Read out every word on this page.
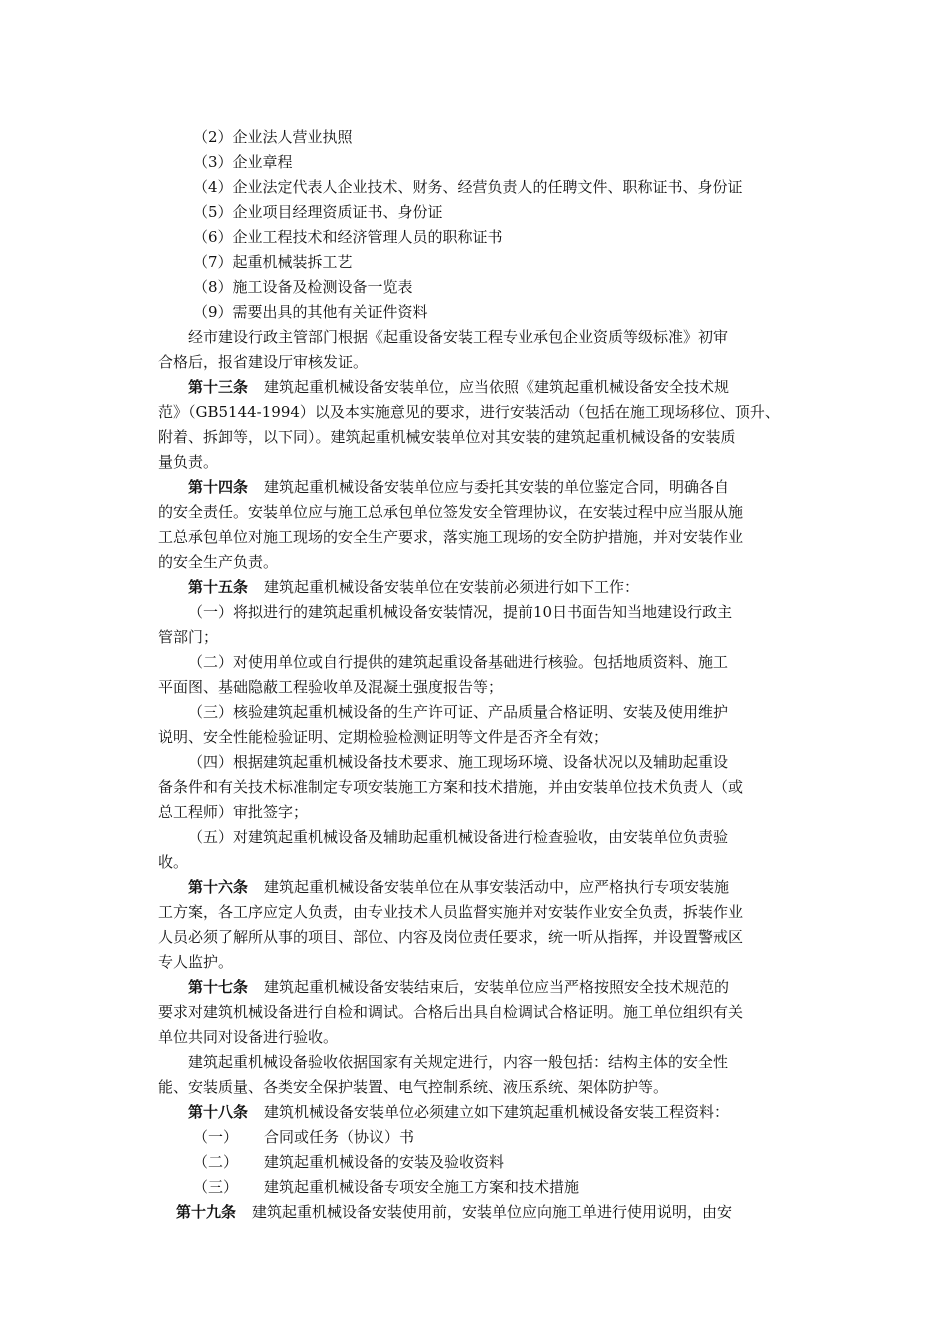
（2）企业法人营业执照
（3）企业章程
（4）企业法定代表人企业技术、财务、经营负责人的任聘文件、职称证书、身份证
（5）企业项目经理资质证书、身份证
（6）企业工程技术和经济管理人员的职称证书
（7）起重机械装拆工艺
（8）施工设备及检测设备一览表
（9）需要出具的其他有关证件资料
经市建设行政主管部门根据《起重设备安装工程专业承包企业资质等级标准》初审
合格后，报省建设厅审核发证。
第十三条 建筑起重机械设备安装单位，应当依照《建筑起重机械设备安全技术规
范》（GB5144-1994）以及本实施意见的要求，进行安装活动（包括在施工现场移位、顶升、
附着、拆卸等，以下同）。建筑起重机械安装单位对其安装的建筑起重机械设备的安装质
量负责。
第十四条 建筑起重机械设备安装单位应与委托其安装的单位鉴定合同，明确各自
的安全责任。安装单位应与施工总承包单位签发安全管理协议，在安装过程中应当服从施
工总承包单位对施工现场的安全生产要求，落实施工现场的安全防护措施，并对安装作业
的安全生产负责。
第十五条 建筑起重机械设备安装单位在安装前必须进行如下工作：
（一）将拟进行的建筑起重机械设备安装情况，提前10日书面告知当地建设行政主
管部门；
（二）对使用单位或自行提供的建筑起重设备基础进行核验。包括地质资料、施工
平面图、基础隐蔽工程验收单及混凝土强度报告等；
（三）核验建筑起重机械设备的生产许可证、产品质量合格证明、安装及使用维护
说明、安全性能检验证明、定期检验检测证明等文件是否齐全有效；
（四）根据建筑起重机械设备技术要求、施工现场环境、设备状况以及辅助起重设
备条件和有关技术标准制定专项安装施工方案和技术措施，并由安装单位技术负责人（或
总工程师）审批签字；
（五）对建筑起重机械设备及辅助起重机械设备进行检查验收，由安装单位负责验
收。
第十六条 建筑起重机械设备安装单位在从事安装活动中，应严格执行专项安装施
工方案，各工序应定人负责，由专业技术人员监督实施并对安装作业安全负责，拆装作业
人员必须了解所从事的项目、部位、内容及岗位责任要求，统一听从指挥，并设置警戒区
专人监护。
第十七条 建筑起重机械设备安装结束后，安装单位应当严格按照安全技术规范的
要求对建筑机械设备进行自检和调试。合格后出具自检调试合格证明。施工单位组织有关
单位共同对设备进行验收。
建筑起重机械设备验收依据国家有关规定进行，内容一般包括：结构主体的安全性
能、安装质量、各类安全保护装置、电气控制系统、液压系统、架体防护等。
第十八条 建筑机械设备安装单位必须建立如下建筑起重机械设备安装工程资料：
（一） 合同或任务（协议）书
（二） 建筑起重机械设备的安装及验收资料
（三） 建筑起重机械设备专项安全施工方案和技术措施
第十九条 建筑起重机械设备安装使用前，安装单位应向施工单进行使用说明，由安
